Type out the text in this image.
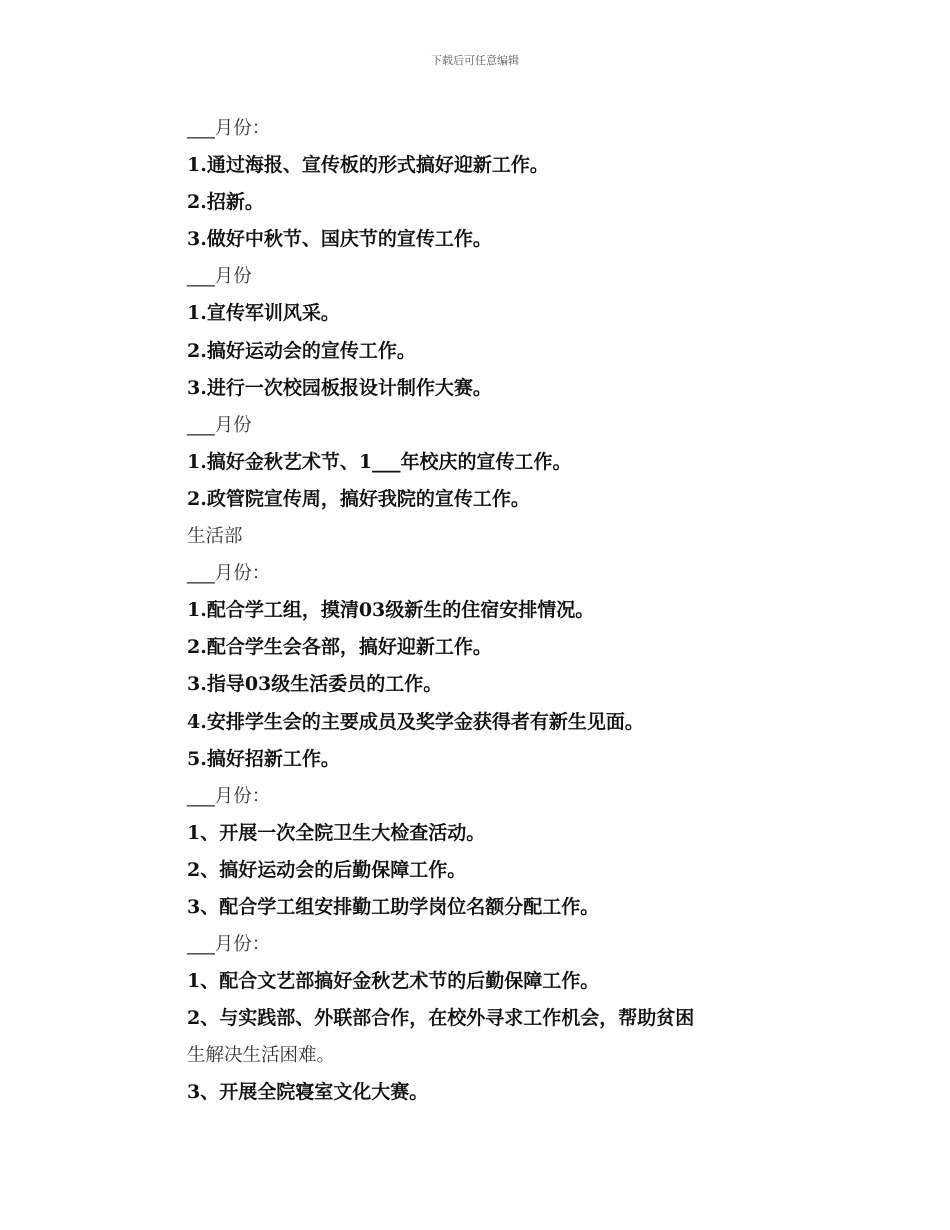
下载后可任意编辑
___月份：
1.通过海报、宣传板的形式搞好迎新工作。
2.招新。
3.做好中秋节、国庆节的宣传工作。
___月份
1.宣传军训风采。
2.搞好运动会的宣传工作。
3.进行一次校园板报设计制作大赛。
___月份
1.搞好金秋艺术节、1___年校庆的宣传工作。
2.政管院宣传周，搞好我院的宣传工作。
生活部
___月份：
1.配合学工组，摸清03级新生的住宿安排情况。
2.配合学生会各部，搞好迎新工作。
3.指导03级生活委员的工作。
4.安排学生会的主要成员及奖学金获得者有新生见面。
5.搞好招新工作。
___月份：
1、开展一次全院卫生大检查活动。
2、搞好运动会的后勤保障工作。
3、配合学工组安排勤工助学岗位名额分配工作。
___月份：
1、配合文艺部搞好金秋艺术节的后勤保障工作。
2、与实践部、外联部合作，在校外寻求工作机会，帮助贫困
生解决生活困难。
3、开展全院寝室文化大赛。
